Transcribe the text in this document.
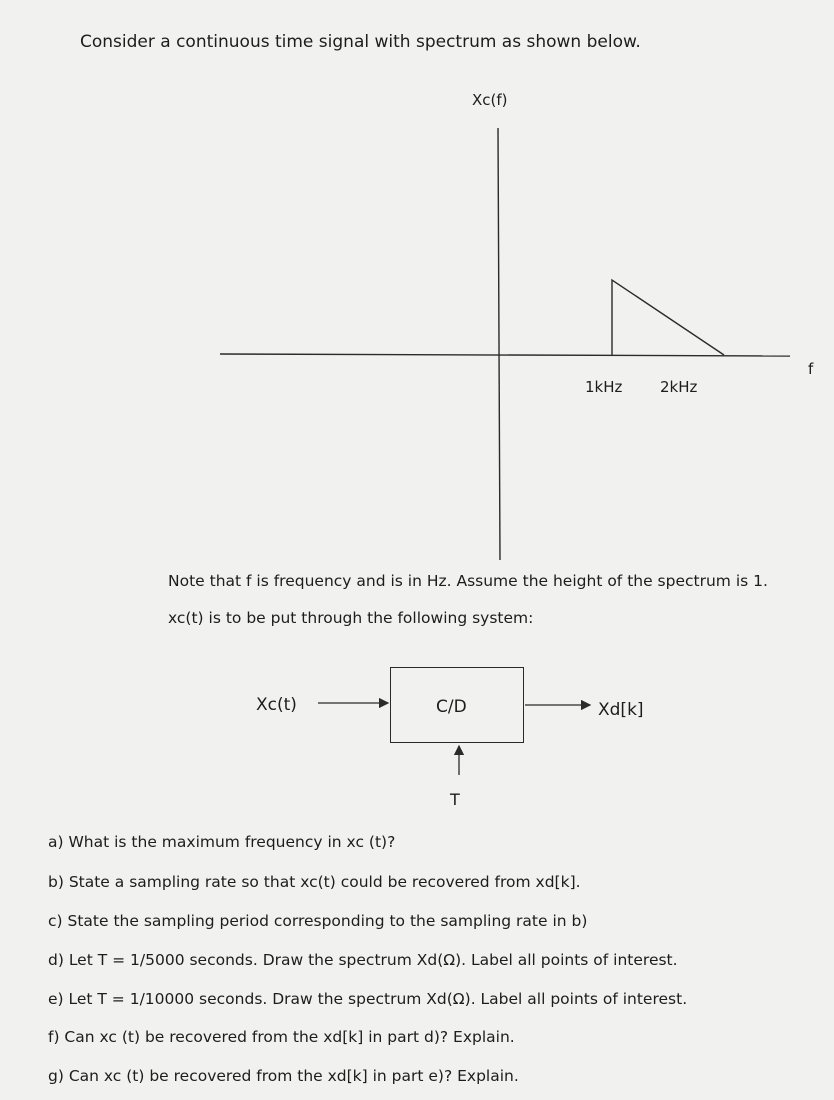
Consider a continuous time signal with spectrum as shown below.
Xc(f)
f
1kHz	2kHz
Note that f is frequency and is in Hz. Assume the height of the spectrum is 1.
xc(t) is to be put through the following system:
Xc(t)	C/D	Xd[k]
T
a) What is the maximum frequency in xc (t)?
b) State a sampling rate so that xc(t) could be recovered from xd[k].
c) State the sampling period corresponding to the sampling rate in b)
d) Let T = 1/5000 seconds. Draw the spectrum Xd(Ω). Label all points of interest.
e) Let T = 1/10000 seconds. Draw the spectrum Xd(Ω). Label all points of interest.
f) Can xc (t) be recovered from the xd[k] in part d)? Explain.
g) Can xc (t) be recovered from the xd[k] in part e)? Explain.
